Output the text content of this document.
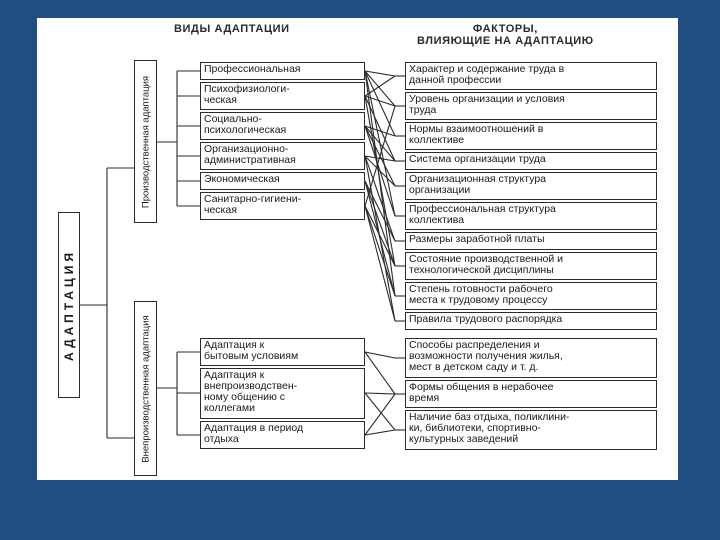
ВИДЫ АДАПТАЦИИ	ФАКТОРЫ,
ВЛИЯЮЩИЕ НА АДАПТАЦИЮ
АДАПТАЦИЯ
Производственная адаптация
Внепроизводственная адаптация
Профессиональная
Психофизиологи-
ческая
Социально-
психологическая
Организационно-
административная
Экономическая
Санитарно-гигиени-
ческая
Адаптация к
бытовым условиям
Адаптация к
внепроизводствен-
ному общению с
коллегами
Адаптация в период
отдыха
Характер и содержание труда в
данной профессии
Уровень организации и условия
труда
Нормы взаимоотношений в
коллективе
Система организации труда
Организационная структура
организации
Профессиональная структура
коллектива
Размеры заработной платы
Состояние производственной и
технологической дисциплины
Степень готовности рабочего
места к трудовому процессу
Правила трудового распорядка
Способы распределения и
возможности получения жилья,
мест в детском саду и т. д.
Формы общения в нерабочее
время
Наличие баз отдыха, поликлини-
ки, библиотеки, спортивно-
культурных заведений
